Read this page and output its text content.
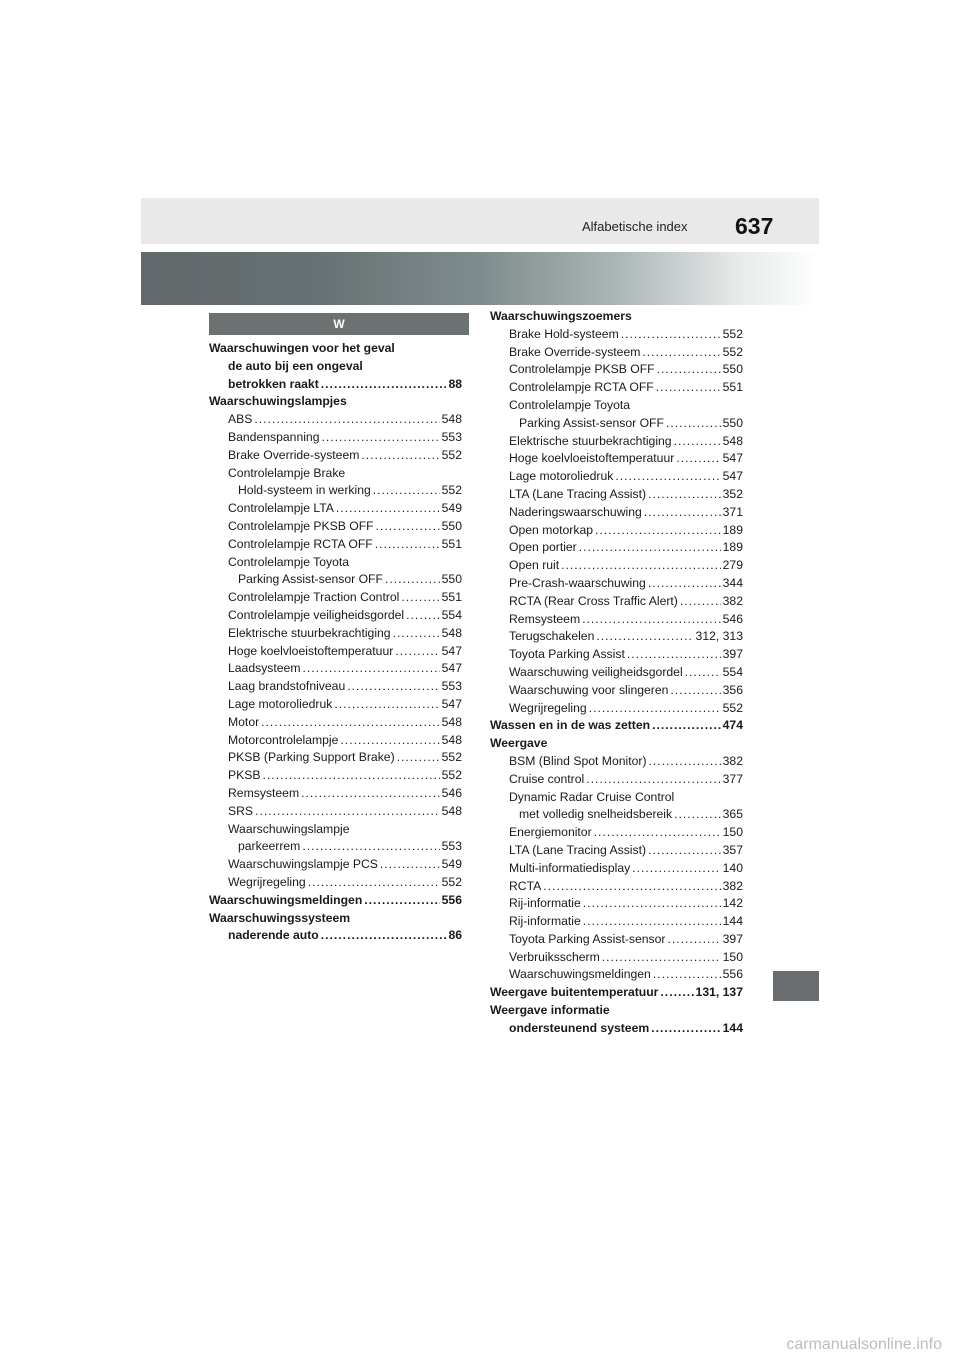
Alfabetische index 637
W
Waarschuwingen voor het geval
de auto bij een ongeval
betrokken raakt .....	88
Waarschuwingslampjes
ABS .....	548
Bandenspanning .....	553
Brake Override-systeem .....	552
Controlelampje Brake
Hold-systeem in werking .....	552
Controlelampje LTA .....	549
Controlelampje PKSB OFF .....	550
Controlelampje RCTA OFF .....	551
Controlelampje Toyota
Parking Assist-sensor OFF .....	550
Controlelampje Traction Control .....	551
Controlelampje veiligheidsgordel .....	554
Elektrische stuurbekrachtiging .....	548
Hoge koelvloeistoftemperatuur .....	547
Laadsysteem .....	547
Laag brandstofniveau .....	553
Lage motoroliedruk .....	547
Motor .....	548
Motorcontrolelampje .....	548
PKSB (Parking Support Brake) .....	552
PKSB .....	552
Remsysteem .....	546
SRS .....	548
Waarschuwingslampje
parkeerrem .....	553
Waarschuwingslampje PCS .....	549
Wegrijregeling .....	552
Waarschuwingsmeldingen .....	556
Waarschuwingssysteem
naderende auto .....	86
Waarschuwingszoemers
Brake Hold-systeem .....	552
Brake Override-systeem .....	552
Controlelampje PKSB OFF .....	550
Controlelampje RCTA OFF .....	551
Controlelampje Toyota
Parking Assist-sensor OFF .....	550
Elektrische stuurbekrachtiging .....	548
Hoge koelvloeistoftemperatuur .....	547
Lage motoroliedruk .....	547
LTA (Lane Tracing Assist) .....	352
Naderingswaarschuwing .....	371
Open motorkap .....	189
Open portier .....	189
Open ruit .....	279
Pre-Crash-waarschuwing .....	344
RCTA (Rear Cross Traffic Alert) .....	382
Remsysteem .....	546
Terugschakelen .....	312, 313
Toyota Parking Assist .....	397
Waarschuwing veiligheidsgordel .....	554
Waarschuwing voor slingeren .....	356
Wegrijregeling .....	552
Wassen en in de was zetten .....	474
Weergave
BSM (Blind Spot Monitor) .....	382
Cruise control .....	377
Dynamic Radar Cruise Control
met volledig snelheidsbereik .....	365
Energiemonitor .....	150
LTA (Lane Tracing Assist) .....	357
Multi-informatiedisplay .....	140
RCTA .....	382
Rij-informatie .....	142
Rij-informatie .....	144
Toyota Parking Assist-sensor .....	397
Verbruiksscherm .....	150
Waarschuwingsmeldingen .....	556
Weergave buitentemperatuur .....	131, 137
Weergave informatie
ondersteunend systeem .....	144
carmanualsonline.info
